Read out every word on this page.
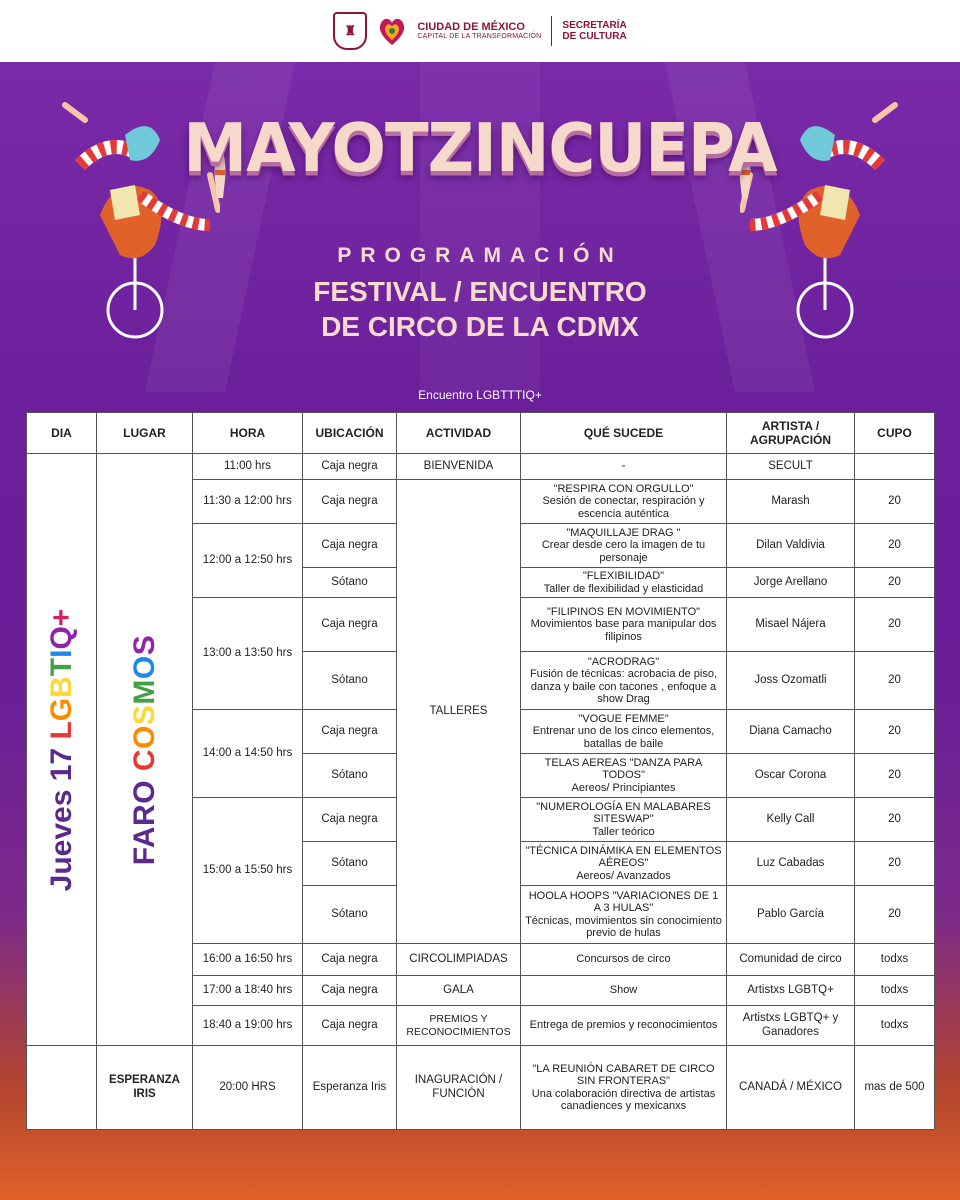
♜	CIUDAD DE MÉXICO
CAPITAL DE LA TRANSFORMACIÓN
SECRETARÍA
DE CULTURA
MAYOTZINCUEPA
PROGRAMACIÓN
FESTIVAL / ENCUENTRO
DE CIRCO DE LA CDMX
Encuentro LGBTTTIQ+
DIA	LUGAR	HORA	UBICACIÓN	ACTIVIDAD	QUÉ SUCEDE	ARTISTA / AGRUPACIÓN	CUPO

Jueves 17 LGBTIQ+	FARO COSMOS	11:00 hrs	Caja negra	BIENVENIDA	-	SECULT	
		11:30 a 12:00 hrs	Caja negra	TALLERES	"RESPIRA CON ORGULLO"
Sesión de conectar, respiración y escencia auténtica	Marash	20
		12:00 a 12:50 hrs	Caja negra		"MAQUILLAJE DRAG "
Crear desde cero la imagen de tu personaje	Dilan Valdivia	20
			Sótano		"FLEXIBILIDAD"
Taller de flexibilidad y elasticidad	Jorge Arellano	20
		13:00 a 13:50 hrs	Caja negra		"FILIPINOS EN MOVIMIENTO"
Movimientos base para manipular dos filipinos	Misael Nájera	20
			Sótano		"ACRODRAG"
Fusión de técnicas: acrobacia de piso, danza y baile con tacones , enfoque a show Drag	Joss Ozomatli	20
		14:00 a 14:50 hrs	Caja negra		"VOGUE FEMME"
Entrenar uno de los cinco elementos, batallas de baile	Diana Camacho	20
			Sótano		TELAS AEREAS "DANZA PARA TODOS"
Aereos/ Principiantes	Oscar Corona	20
		15:00 a 15:50 hrs	Caja negra		"NUMEROLOGÍA EN MALABARES SITESWAP"
Taller teórico	Kelly Call	20
			Sótano		"TÉCNICA DINÁMIKA EN ELEMENTOS AÉREOS"
Aereos/ Avanzados	Luz Cabadas	20
			Sótano		HOOLA HOOPS "VARIACIONES DE 1 A 3 HULAS"
Técnicas, movimientos sin conocimiento previo de hulas	Pablo García	20
		16:00 a 16:50 hrs	Caja negra	CIRCOLIMPIADAS	Concursos de circo	Comunidad de circo	todxs
		17:00 a 18:40 hrs	Caja negra	GALA	Show	Artistxs LGBTQ+	todxs
		18:40 a 19:00 hrs	Caja negra	PREMIOS Y RECONOCIMIENTOS	Entrega de premios y reconocimientos	Artistxs LGBTQ+ y Ganadores	todxs
	ESPERANZA IRIS	20:00 HRS	Esperanza Iris	INAGURACIÓN / FUNCIÓN	"LA REUNIÓN CABARET DE CIRCO SIN FRONTERAS"
Una colaboración directiva de artistas canadiences y mexicanxs	CANADÁ / MÉXICO	mas de 500
